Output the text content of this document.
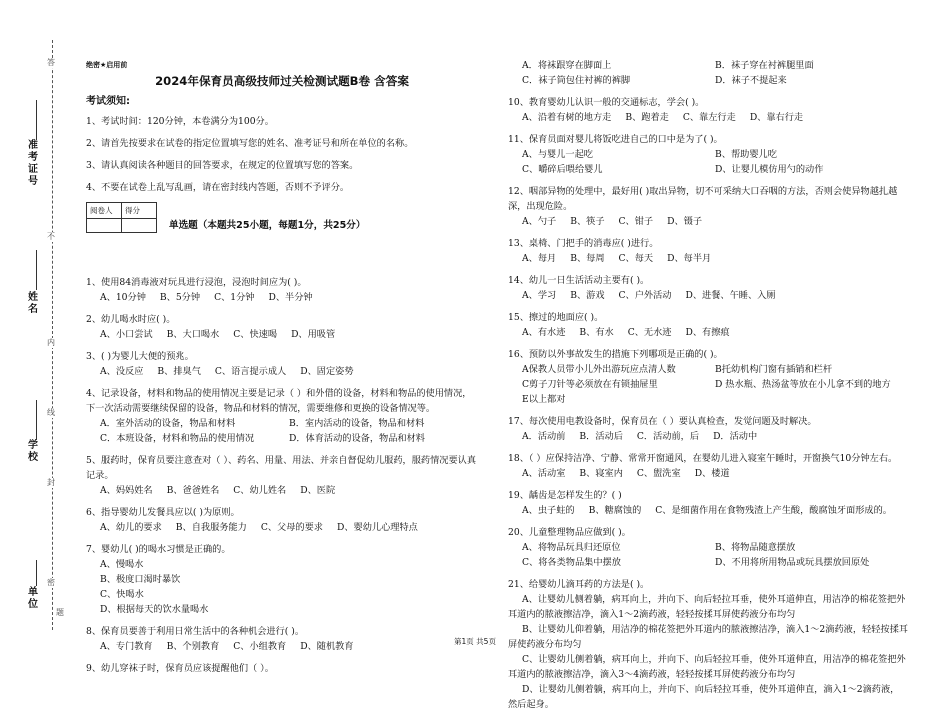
答
不
内
线
封
密
准考证号
姓名
学校
单位
题
绝密★启用前
2024年保育员高级技师过关检测试题B卷 含答案
考试须知:
1、考试时间：120分钟，本卷满分为100分。
2、请首先按要求在试卷的指定位置填写您的姓名、准考证号和所在单位的名称。
3、请认真阅读各种题目的回答要求，在规定的位置填写您的答案。
4、不要在试卷上乱写乱画，请在密封线内答题，否则不予评分。
阅卷人	得分

单选题（本题共25小题，每题1分，共25分）
1、使用84消毒液对玩具进行浸泡，浸泡时间应为( )。
A、10分钟 B、5分钟 C、1分钟 D、半分钟
2、幼儿喝水时应( )。
A、小口尝试 B、大口喝水 C、快速喝 D、用吸管
3、( )为婴儿大便的预兆。
A、没反应 B、排臭气 C、语言提示成人 D、固定姿势
4、记录设备，材料和物品的使用情况主要是记录（ ）和外借的设备，材料和物品的使用情况，下一次活动需要继续保留的设备，物品和材料的情况，需要维修和更换的设备情况等。
A．室外活动的设备，物品和材料	B．室内活动的设备，物品和材料
C．本班设备，材料和物品的使用情况	D．体育活动的设备，物品和材料
5、服药时，保育员要注意查对（ ）、药名、用量、用法、并亲自督促幼儿服药，服药情况要认真记录。
A、妈妈姓名 B、爸爸姓名 C、幼儿姓名 D、医院
6、指导婴幼儿发餐具应以( )为原则。
A、幼儿的要求 B、自我服务能力 C、父母的要求 D、婴幼儿心理特点
7、婴幼儿( )的喝水习惯是正确的。
A、慢喝水
B、极度口渴时暴饮
C、快喝水
D、根据每天的饮水量喝水
8、保育员要善于利用日常生活中的各种机会进行( )。
A、专门教育 B、个别教育 C、小组教育 D、随机教育
9、幼儿穿袜子时，保育员应该提醒他们（ ）。
A．将袜跟穿在脚面上	B．袜子穿在衬裤腿里面
C．袜子筒包住衬裤的裤脚	D．袜子不提起来
10、教育婴幼儿认识一般的交通标志，学会( )。
A、沿着有树的地方走 B、跑着走 C、靠左行走 D、靠右行走
11、保育员面对婴儿将饭吃进自己的口中是为了( )。
A、与婴儿一起吃	B、帮助婴儿吃
C、嚼碎后喂给婴儿	D、让婴儿模仿用勺的动作
12、咽部异物的处理中，最好用( )取出异物，切不可采纳大口吞咽的方法，否则会使异物越扎越深，出现危险。
A、勺子 B、筷子 C、钳子 D、镊子
13、桌椅、门把手的消毒应( )进行。
A、每月 B、每周 C、每天 D、每半月
14、幼儿一日生活活动主要有( )。
A、学习 B、游戏 C、户外活动 D、进餐、午睡、入厕
15、擦过的地面应( )。
A、有水迹 B、有水 C、无水迹 D、有擦痕
16、预防以外事故发生的措施下列哪项是正确的( )。
A保教人员带小儿外出游玩应点清人数	B托幼机构门窗有插销和栏杆
C剪子刀针等必须放在有锁抽屉里	D 热水瓶、热汤盆等放在小儿拿不到的地方
E以上都对
17、每次使用电教设备时，保育员在（ ）要认真检查，发觉问题及时解决。
A．活动前 B．活动后 C．活动前，后 D．活动中
18、（ ）应保持洁净、宁静、常常开窗通风，在婴幼儿进入寝室午睡时，开窗换气10分钟左右。
A、活动室 B、寝室内 C、盥洗室 D、楼道
19、龋齿是怎样发生的？( )
A、虫子蛀的 B、糖腐蚀的 C、是细菌作用在食物残渣上产生酸，酸腐蚀牙面形成的。
20、儿童整理物品应做到( )。
A、将物品玩具归还原位	B、将物品随意摆放
C、将各类物品集中摆放	D、不用将所用物品或玩具摆放回原处
21、给婴幼儿滴耳药的方法是( )。
A、让婴幼儿侧着躺，病耳向上，并向下、向后轻拉耳垂，使外耳道伸直，用洁净的棉花签把外耳道内的脓液擦洁净，滴入1～2滴药液，轻轻按揉耳屏使药液分布均匀
B、让婴幼儿仰着躺，用洁净的棉花签把外耳道内的脓液擦洁净，滴入1～2滴药液，轻轻按揉耳屏使药液分布均匀
C、让婴幼儿侧着躺，病耳向上，并向下、向后轻拉耳垂，使外耳道伸直，用洁净的棉花签把外耳道内的脓液擦洁净，滴入3～4滴药液，轻轻按揉耳屏使药液分布均匀
D、让婴幼儿侧着躺，病耳向上，并向下、向后轻拉耳垂，使外耳道伸直，滴入1～2滴药液，然后起身。
第1页 共5页
